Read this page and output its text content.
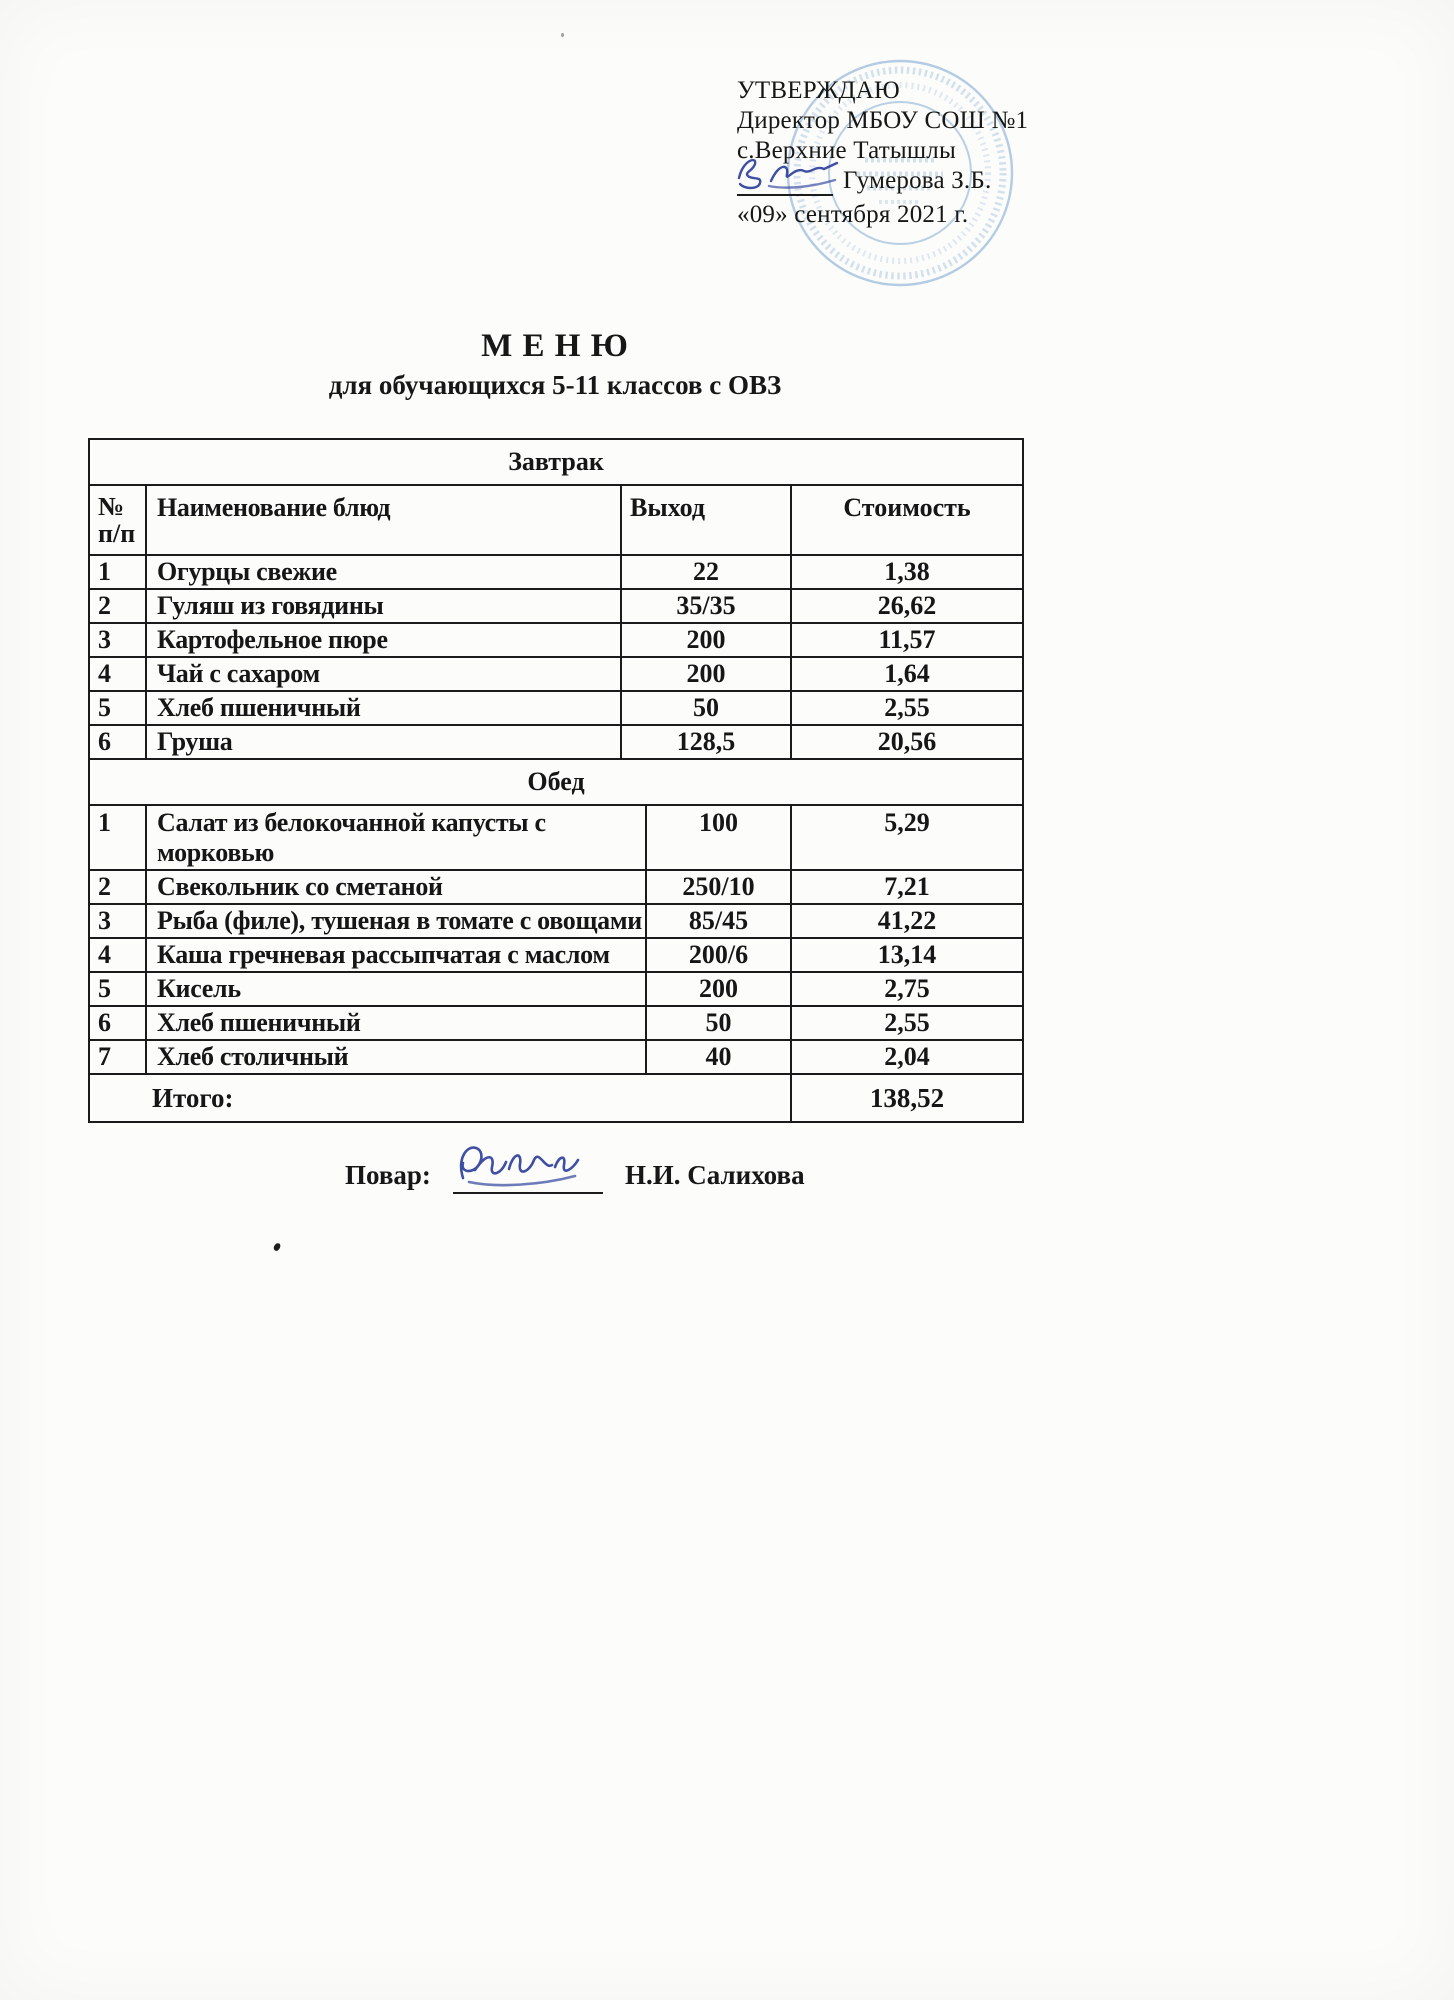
УТВЕРЖДАЮ
Директор МБОУ СОШ №1
с.Верхние Татышлы
Гумерова З.Б.
«09» сентября 2021 г.
М Е Н Ю
для обучающихся 5-11 классов с ОВЗ
Завтрак			

№
п/п	Наименование блюд	Выход	Стоимость
1	Огурцы свежие	22	1,38
2	Гуляш из говядины	35/35	26,62
3	Картофельное пюре	200	11,57
4	Чай с сахаром	200	1,64
5	Хлеб пшеничный	50	2,55
6	Груша	128,5	20,56
Обед			
1	Салат из белокочанной капусты с морковью	100	5,29
2	Свекольник со сметаной	250/10	7,21
3	Рыба (филе), тушеная в томате с овощами	85/45	41,22
4	Каша гречневая рассыпчатая с маслом	200/6	13,14
5	Кисель	200	2,75
6	Хлеб пшеничный	50	2,55
7	Хлеб столичный	40	2,04
Итого:	138,52
Повар:	Н.И. Салихова
